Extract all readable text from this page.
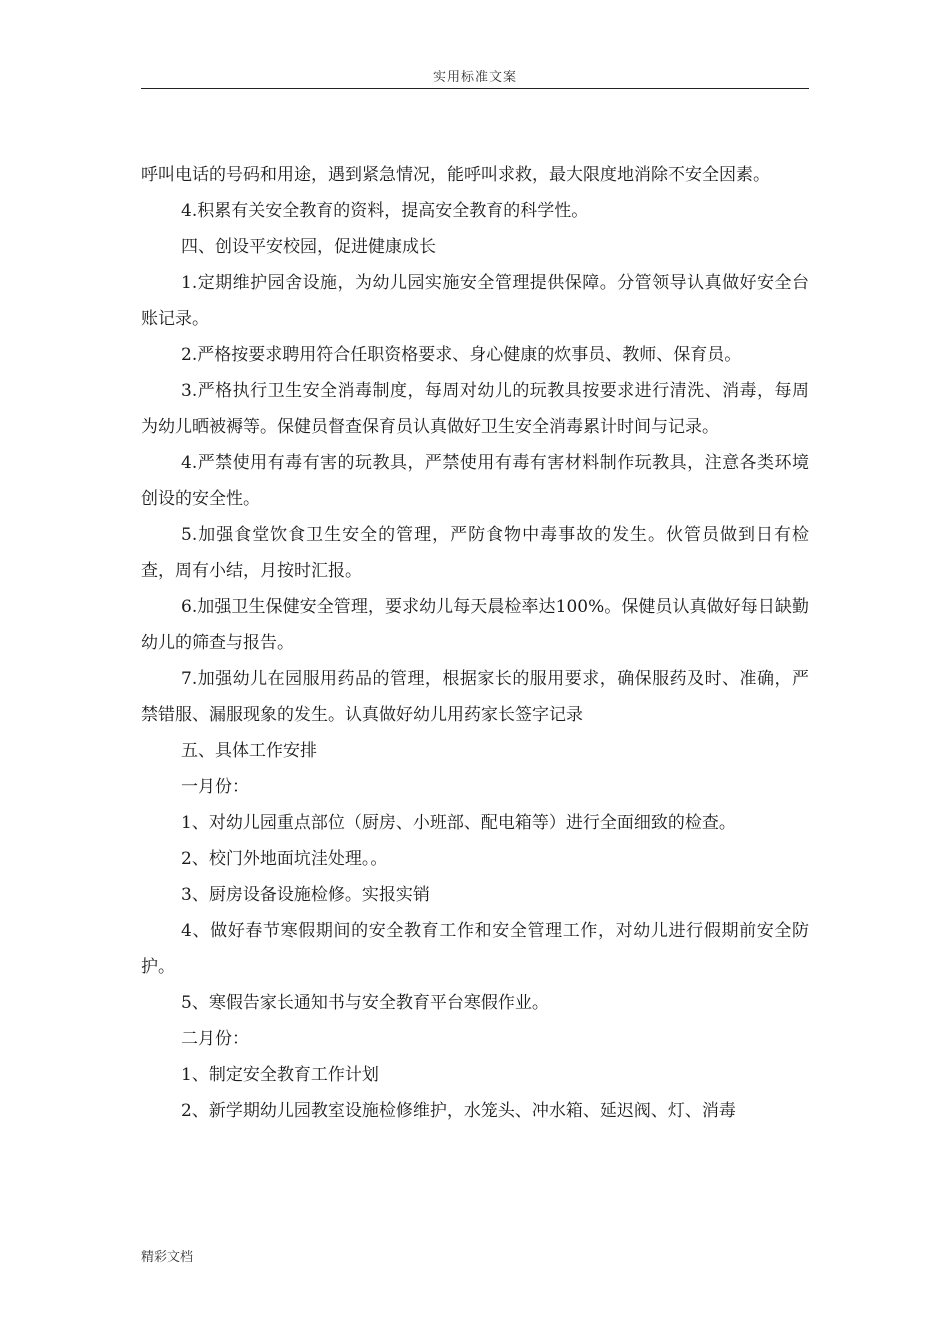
实用标准文案

呼叫电话的号码和用途，遇到紧急情况，能呼叫求救，最大限度地消除不安全因素。

4.积累有关安全教育的资料，提高安全教育的科学性。

四、创设平安校园，促进健康成长

1.定期维护园舍设施，为幼儿园实施安全管理提供保障。分管领导认真做好安全台账记录。

2.严格按要求聘用符合任职资格要求、身心健康的炊事员、教师、保育员。

3.严格执行卫生安全消毒制度，每周对幼儿的玩教具按要求进行清洗、消毒，每周为幼儿晒被褥等。保健员督查保育员认真做好卫生安全消毒累计时间与记录。

4.严禁使用有毒有害的玩教具，严禁使用有毒有害材料制作玩教具，注意各类环境创设的安全性。

5.加强食堂饮食卫生安全的管理，严防食物中毒事故的发生。伙管员做到日有检查，周有小结，月按时汇报。

6.加强卫生保健安全管理，要求幼儿每天晨检率达100%。保健员认真做好每日缺勤幼儿的筛查与报告。

7.加强幼儿在园服用药品的管理，根据家长的服用要求，确保服药及时、准确，严禁错服、漏服现象的发生。认真做好幼儿用药家长签字记录

五、具体工作安排

一月份：

1、对幼儿园重点部位（厨房、小班部、配电箱等）进行全面细致的检查。

2、校门外地面坑洼处理。。

3、厨房设备设施检修。实报实销

4、做好春节寒假期间的安全教育工作和安全管理工作，对幼儿进行假期前安全防护。

5、寒假告家长通知书与安全教育平台寒假作业。

二月份：

1、制定安全教育工作计划

2、新学期幼儿园教室设施检修维护，水笼头、冲水箱、延迟阀、灯、消毒

精彩文档
